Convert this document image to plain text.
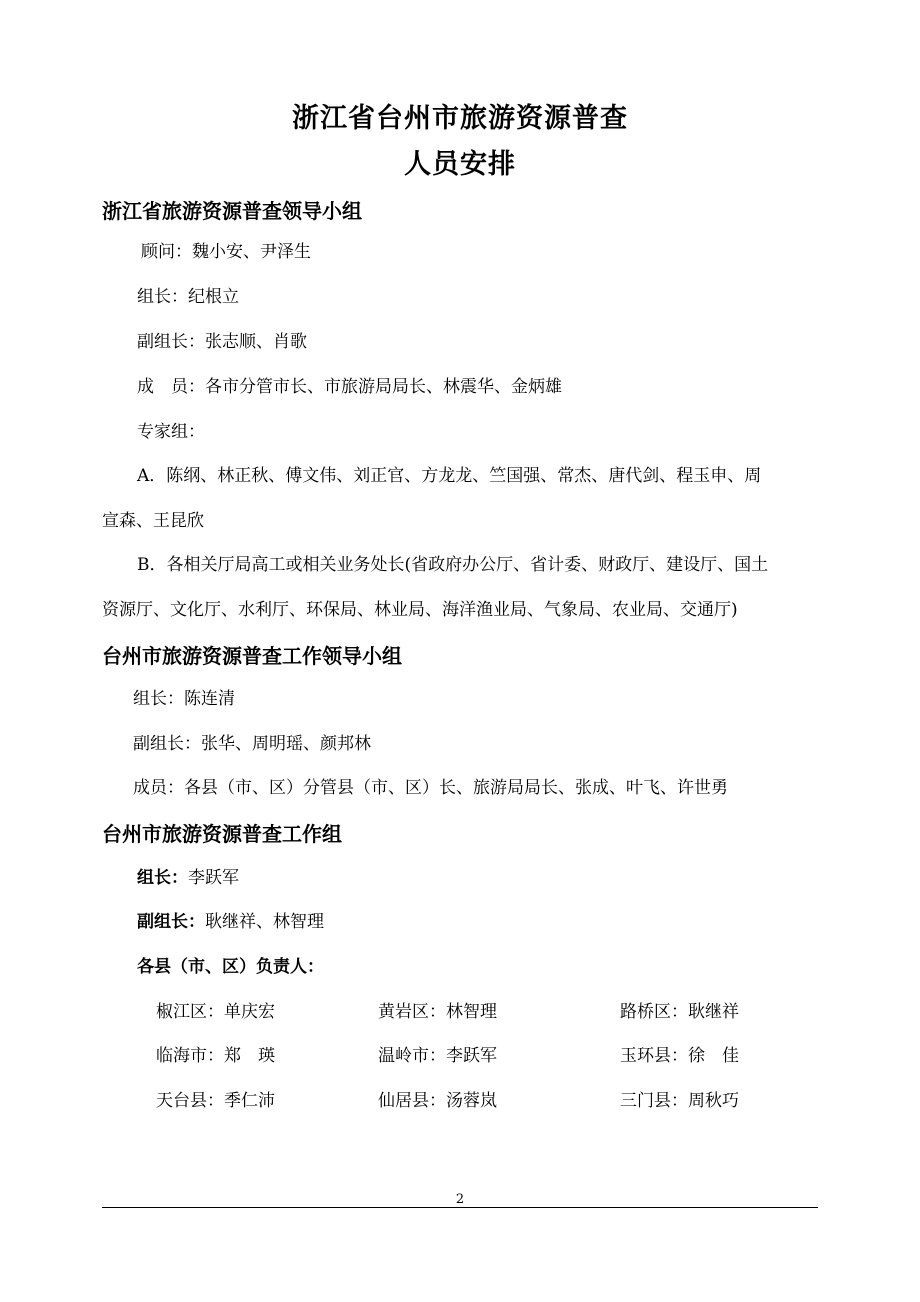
浙江省台州市旅游资源普查
人员安排
浙江省旅游资源普查领导小组
顾问：魏小安、尹泽生
组长：纪根立
副组长：张志顺、肖歌
成　员：各市分管市长、市旅游局局长、林震华、金炳雄
专家组：
A．陈纲、林正秋、傅文伟、刘正官、方龙龙、竺国强、常杰、唐代剑、程玉申、周
宣森、王昆欣
B．各相关厅局高工或相关业务处长(省政府办公厅、省计委、财政厅、建设厅、国土
资源厅、文化厅、水利厅、环保局、林业局、海洋渔业局、气象局、农业局、交通厅)
台州市旅游资源普查工作领导小组
组长：陈连清
副组长：张华、周明瑶、颜邦林
成员：各县（市、区）分管县（市、区）长、旅游局局长、张成、叶飞、许世勇
台州市旅游资源普查工作组
组长：李跃军
副组长：耿继祥、林智理
各县（市、区）负责人：
椒江区：单庆宏	黄岩区：林智理	路桥区：耿继祥
临海市：郑　瑛	温岭市：李跃军	玉环县：徐　佳
天台县：季仁沛	仙居县：汤蓉岚	三门县：周秋巧
2
